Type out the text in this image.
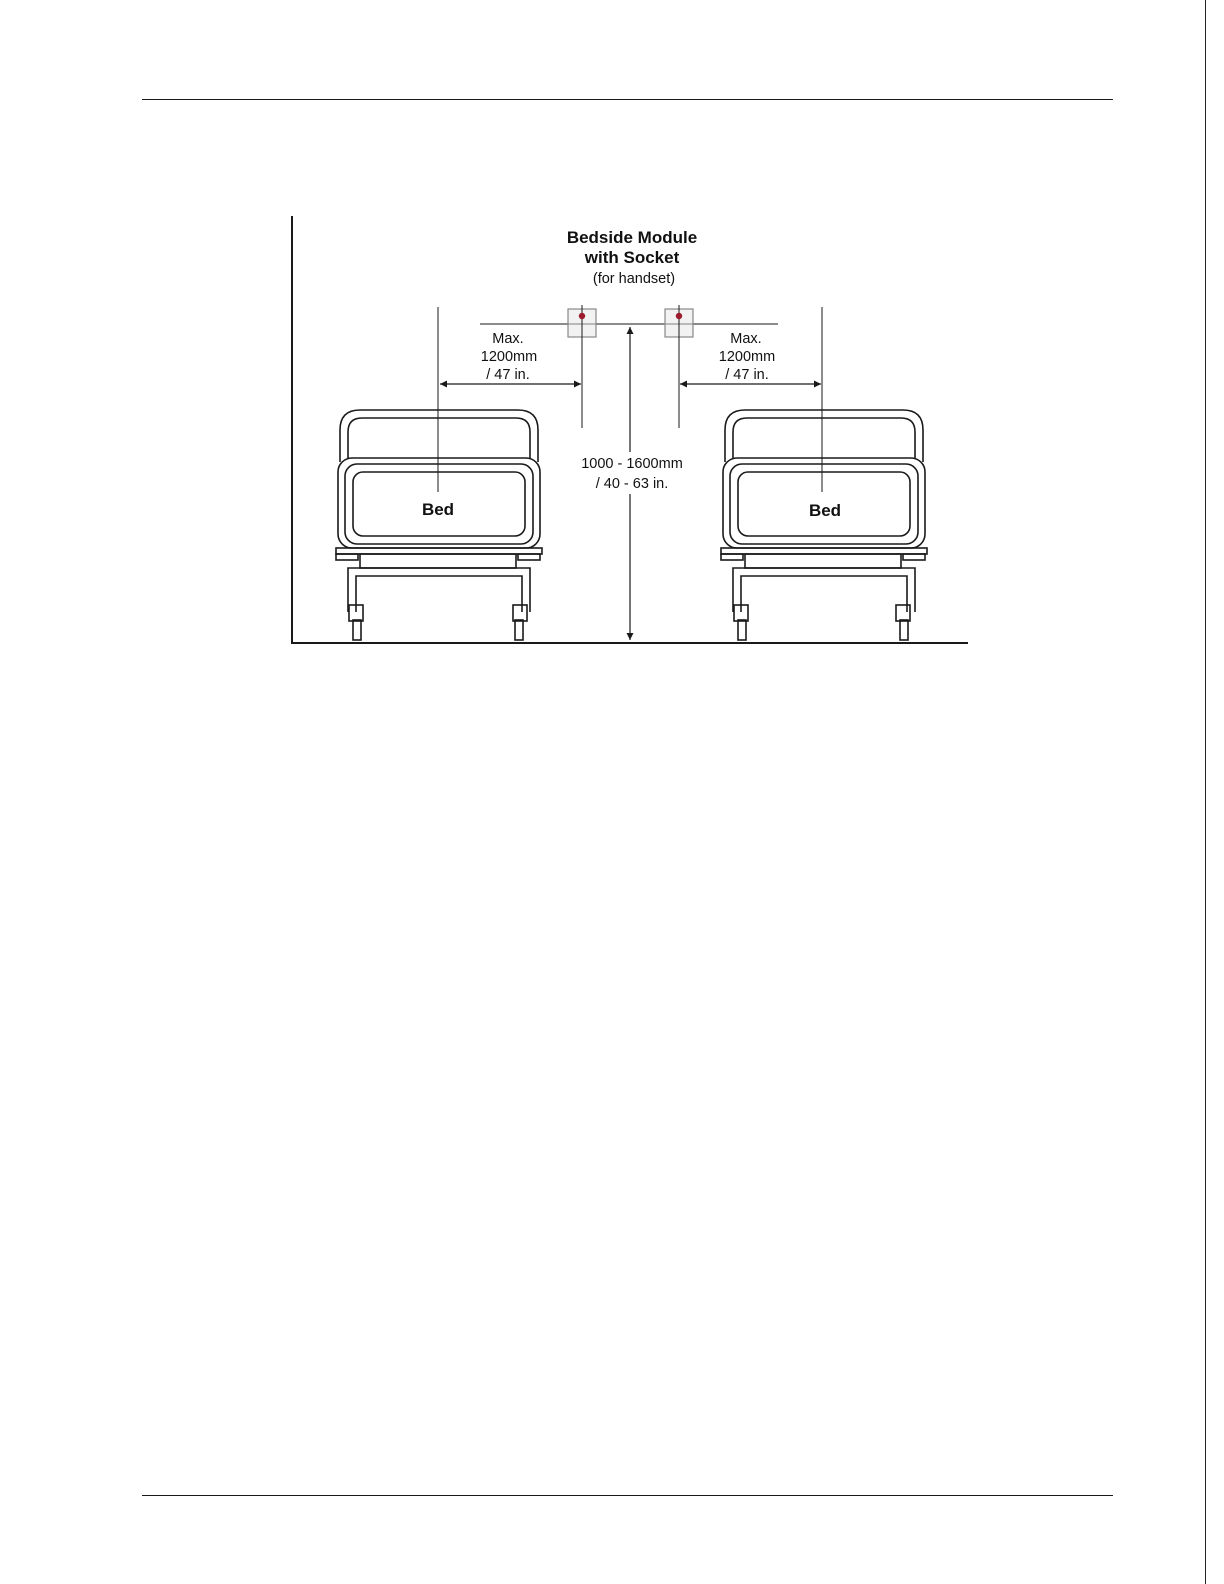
Bedside Module
with Socket
(for handset)
1000 - 1600mm
/ 40 - 63 in.
Max.
1200mm
/ 47 in.
Max.
1200mm
/ 47 in.
Bed	Bed
